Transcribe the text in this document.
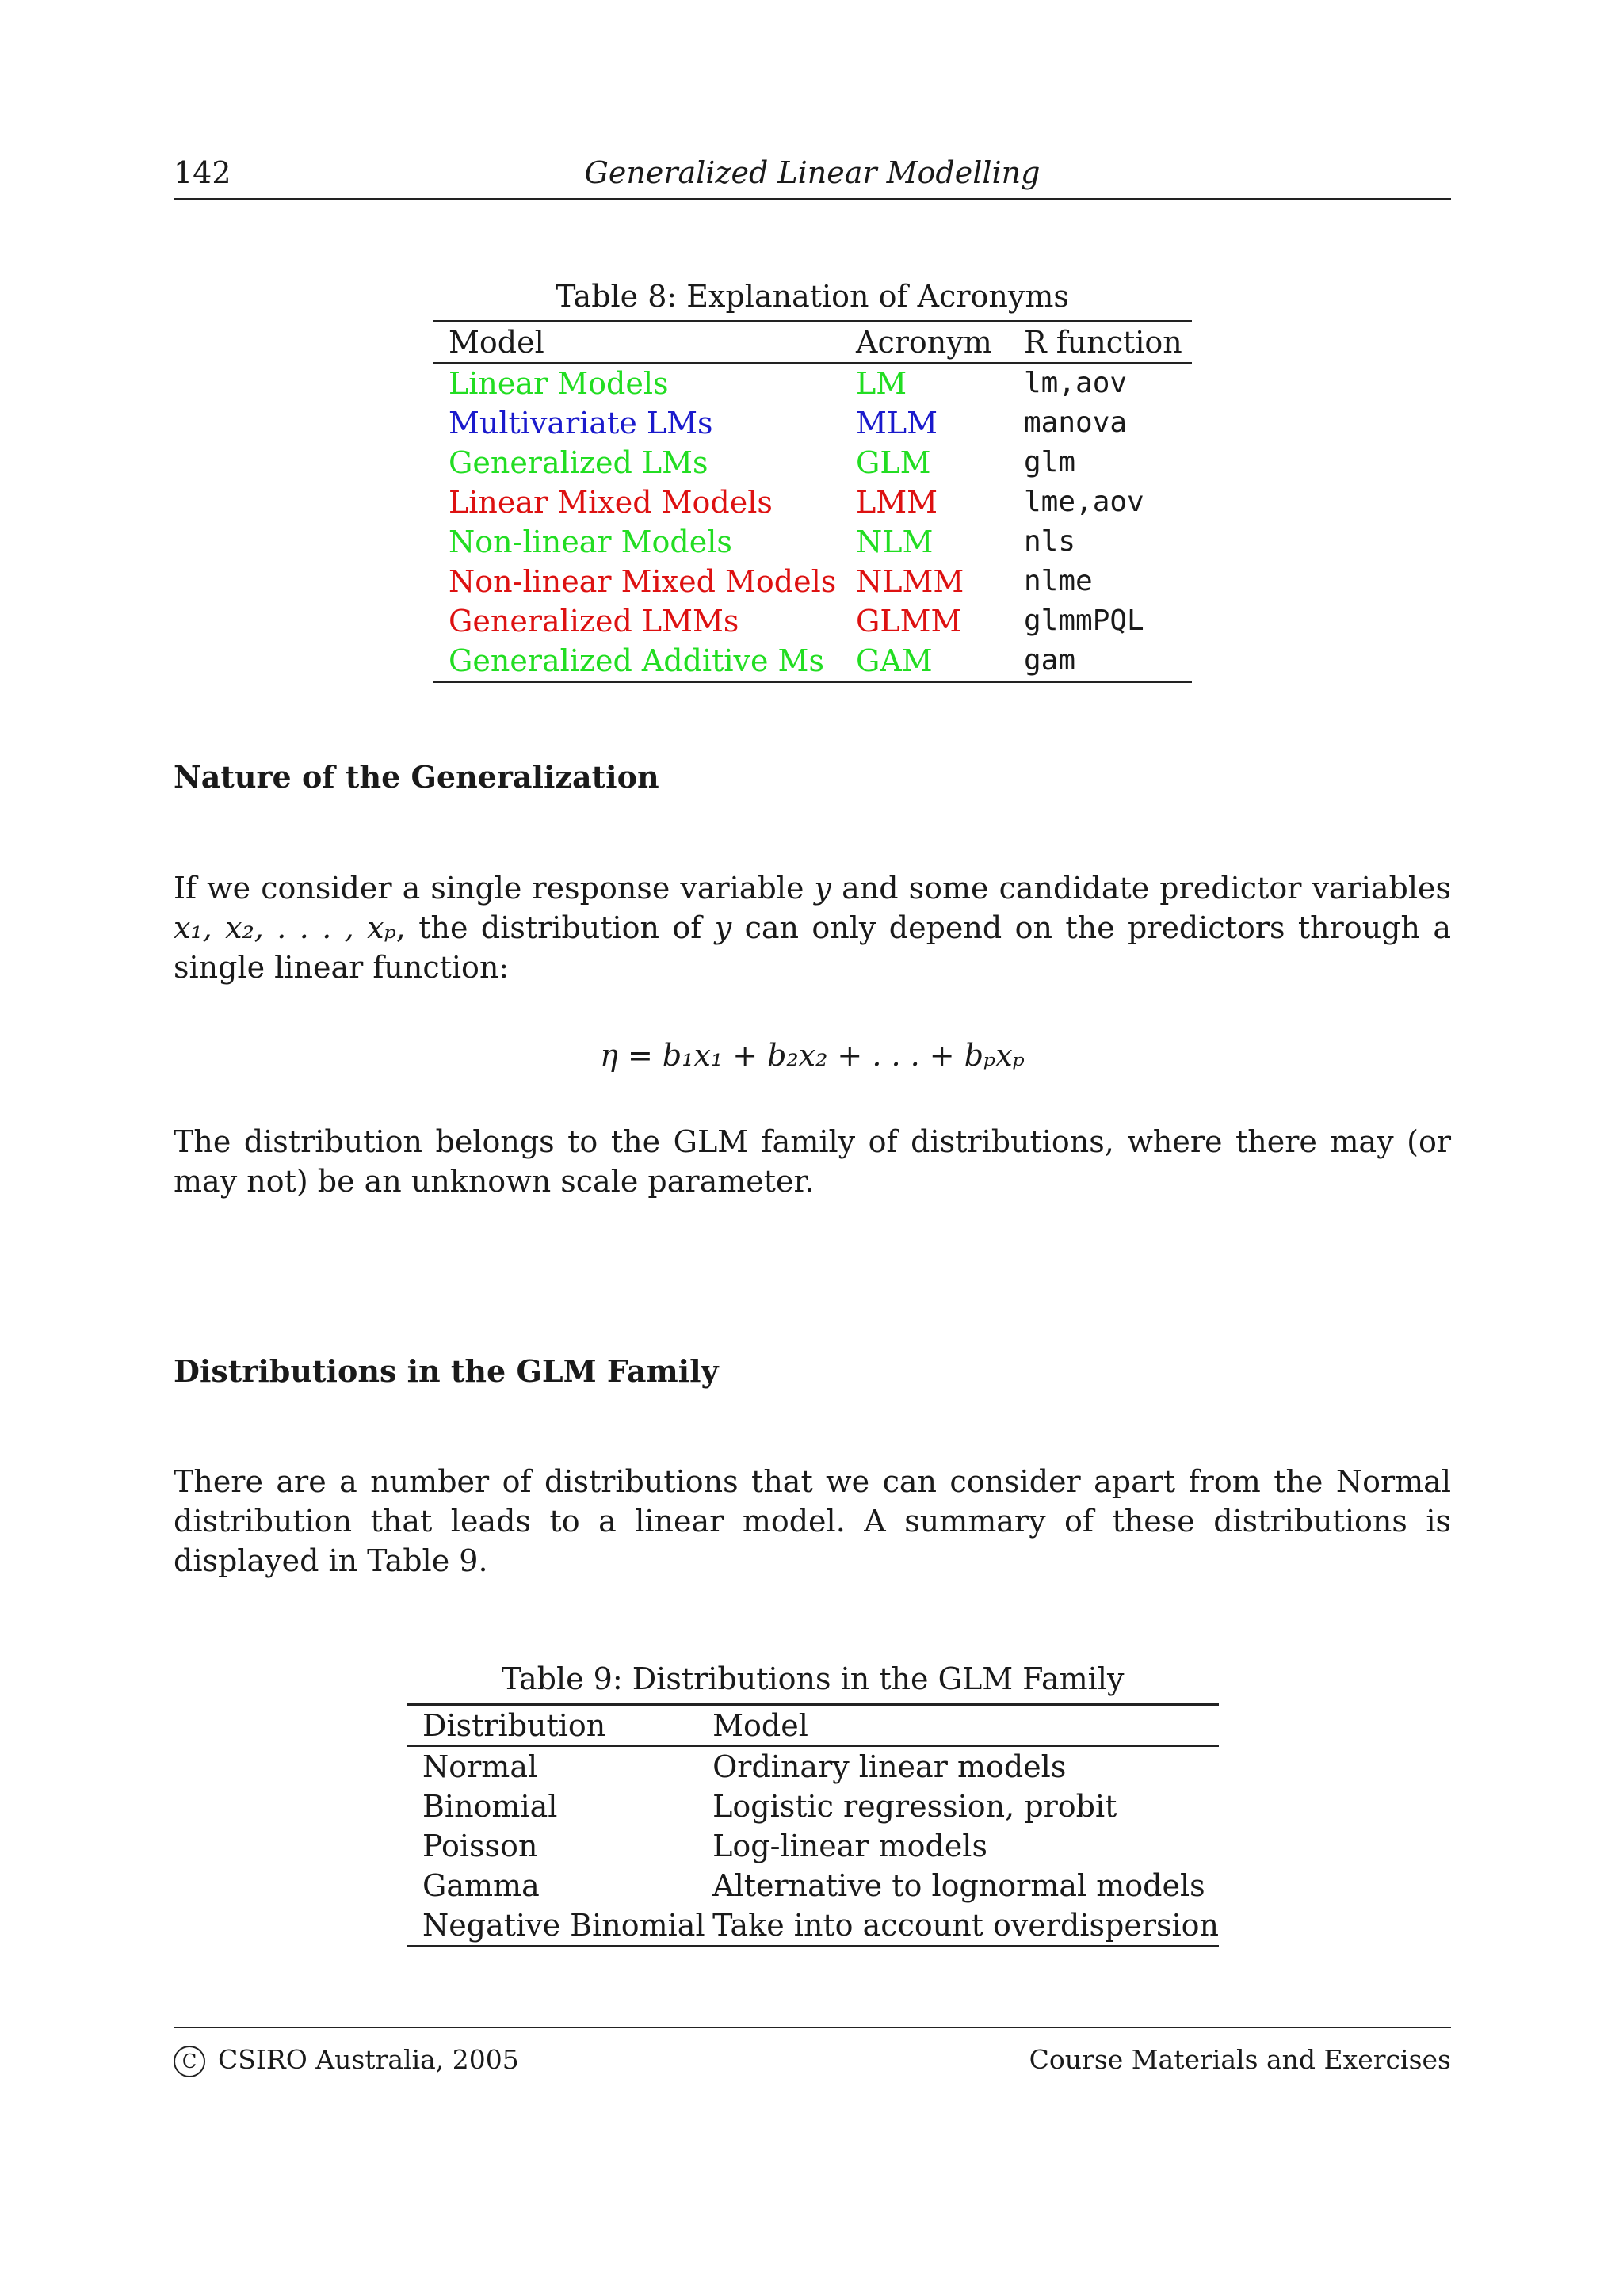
142	Generalized Linear Modelling
Table 8: Explanation of Acronyms
Model	Acronym	R function
Linear Models	LM	lm,aov
Multivariate LMs	MLM	manova
Generalized LMs	GLM	glm
Linear Mixed Models	LMM	lme,aov
Non-linear Models	NLM	nls
Non-linear Mixed Models	NLMM	nlme
Generalized LMMs	GLMM	glmmPQL
Generalized Additive Ms	GAM	gam
Nature of the Generalization
If we consider a single response variable y and some candidate predictor variables x₁, x₂, . . . , xₚ, the distribution of y can only depend on the predictors through a single linear function:
η = b₁x₁ + b₂x₂ + . . . + bₚxₚ
The distribution belongs to the GLM family of distributions, where there may (or may not) be an unknown scale parameter.
Distributions in the GLM Family
There are a number of distributions that we can consider apart from the Normal distribution that leads to a linear model. A summary of these distributions is displayed in Table 9.
Table 9: Distributions in the GLM Family
Distribution	Model
Normal	Ordinary linear models
Binomial	Logistic regression, probit
Poisson	Log-linear models
Gamma	Alternative to lognormal models
Negative Binomial	Take into account overdispersion
C CSIRO Australia, 2005	Course Materials and Exercises
